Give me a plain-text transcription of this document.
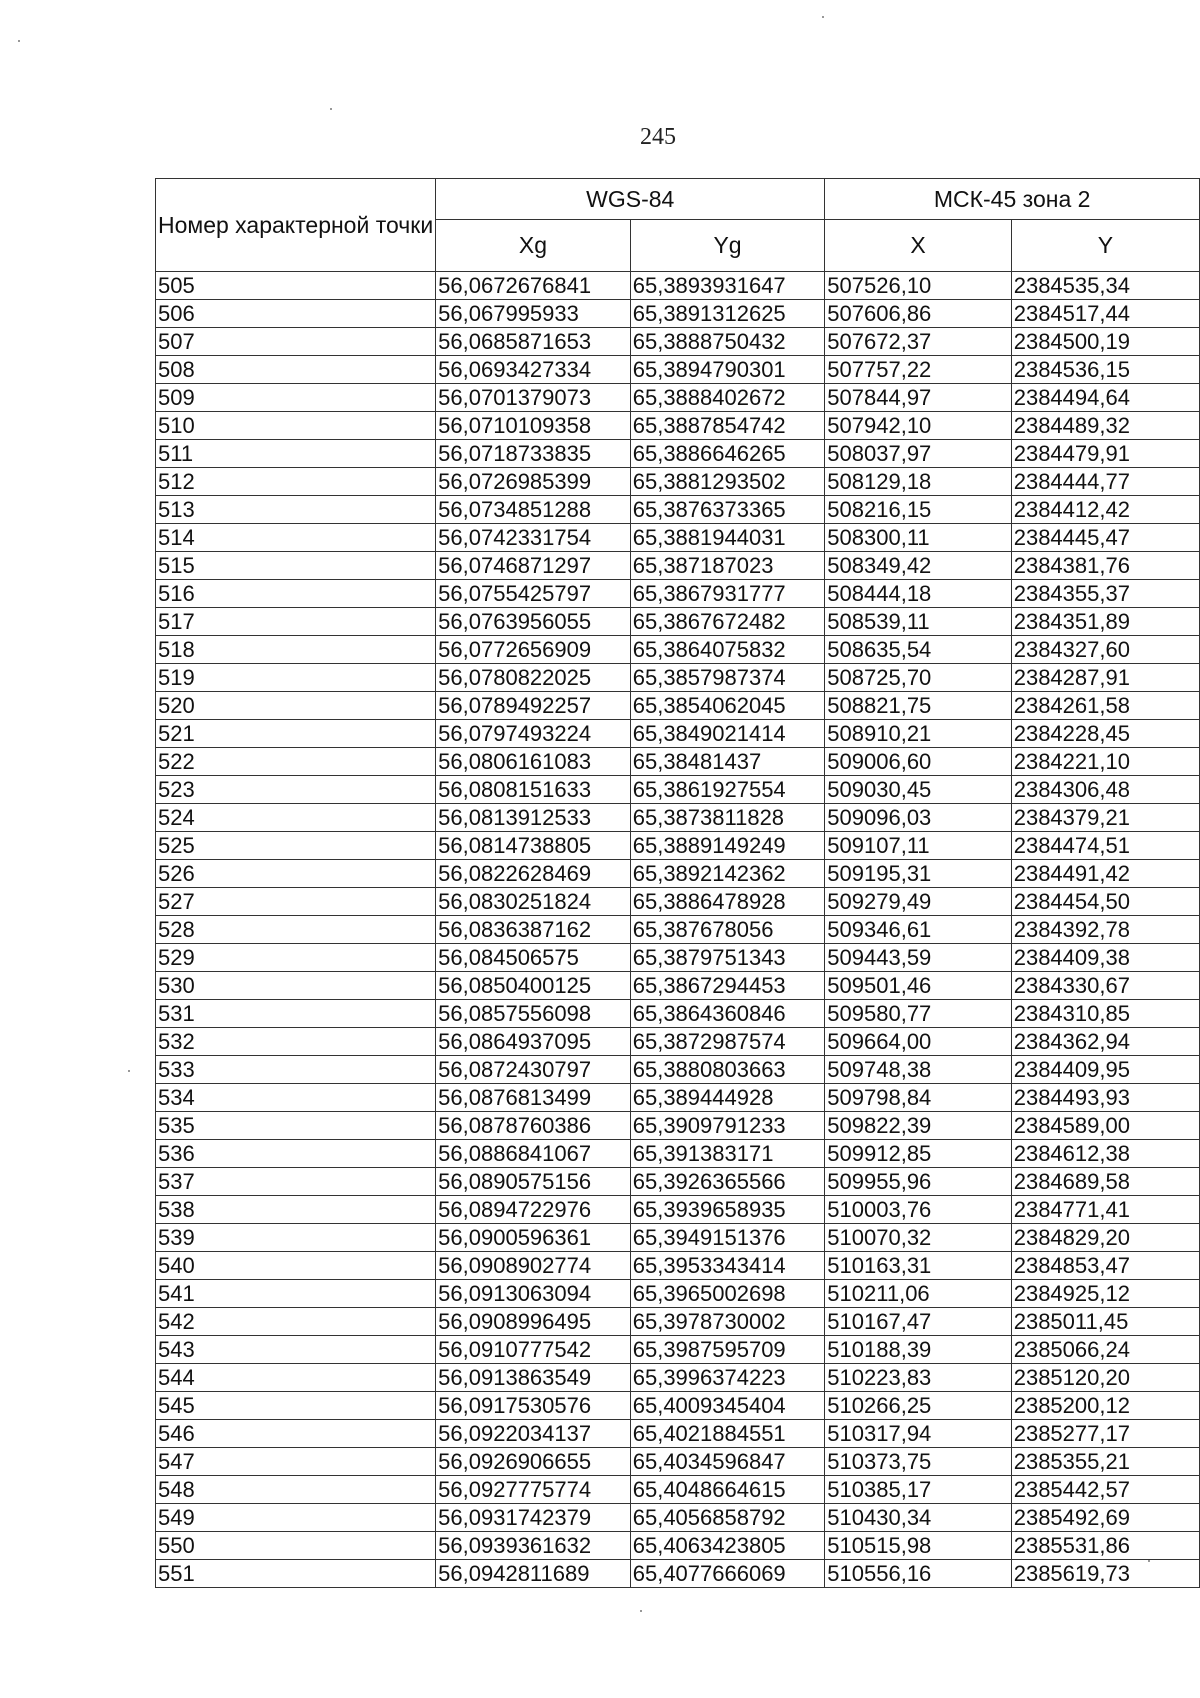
245
Номер характерной точки	WGS-84		МСК-45 зона 2	
	Xg	Yg	X	Y
505	56,0672676841	65,3893931647	507526,10	2384535,34
506	56,067995933	65,3891312625	507606,86	2384517,44
507	56,0685871653	65,3888750432	507672,37	2384500,19
508	56,0693427334	65,3894790301	507757,22	2384536,15
509	56,0701379073	65,3888402672	507844,97	2384494,64
510	56,0710109358	65,3887854742	507942,10	2384489,32
511	56,0718733835	65,3886646265	508037,97	2384479,91
512	56,0726985399	65,3881293502	508129,18	2384444,77
513	56,0734851288	65,3876373365	508216,15	2384412,42
514	56,0742331754	65,3881944031	508300,11	2384445,47
515	56,0746871297	65,387187023	508349,42	2384381,76
516	56,0755425797	65,3867931777	508444,18	2384355,37
517	56,0763956055	65,3867672482	508539,11	2384351,89
518	56,0772656909	65,3864075832	508635,54	2384327,60
519	56,0780822025	65,3857987374	508725,70	2384287,91
520	56,0789492257	65,3854062045	508821,75	2384261,58
521	56,0797493224	65,3849021414	508910,21	2384228,45
522	56,0806161083	65,38481437	509006,60	2384221,10
523	56,0808151633	65,3861927554	509030,45	2384306,48
524	56,0813912533	65,3873811828	509096,03	2384379,21
525	56,0814738805	65,3889149249	509107,11	2384474,51
526	56,0822628469	65,3892142362	509195,31	2384491,42
527	56,0830251824	65,3886478928	509279,49	2384454,50
528	56,0836387162	65,387678056	509346,61	2384392,78
529	56,084506575	65,3879751343	509443,59	2384409,38
530	56,0850400125	65,3867294453	509501,46	2384330,67
531	56,0857556098	65,3864360846	509580,77	2384310,85
532	56,0864937095	65,3872987574	509664,00	2384362,94
533	56,0872430797	65,3880803663	509748,38	2384409,95
534	56,0876813499	65,389444928	509798,84	2384493,93
535	56,0878760386	65,3909791233	509822,39	2384589,00
536	56,0886841067	65,391383171	509912,85	2384612,38
537	56,0890575156	65,3926365566	509955,96	2384689,58
538	56,0894722976	65,3939658935	510003,76	2384771,41
539	56,0900596361	65,3949151376	510070,32	2384829,20
540	56,0908902774	65,3953343414	510163,31	2384853,47
541	56,0913063094	65,3965002698	510211,06	2384925,12
542	56,0908996495	65,3978730002	510167,47	2385011,45
543	56,0910777542	65,3987595709	510188,39	2385066,24
544	56,0913863549	65,3996374223	510223,83	2385120,20
545	56,0917530576	65,4009345404	510266,25	2385200,12
546	56,0922034137	65,4021884551	510317,94	2385277,17
547	56,0926906655	65,4034596847	510373,75	2385355,21
548	56,0927775774	65,4048664615	510385,17	2385442,57
549	56,0931742379	65,4056858792	510430,34	2385492,69
550	56,0939361632	65,4063423805	510515,98	2385531,86
551	56,0942811689	65,4077666069	510556,16	2385619,73
